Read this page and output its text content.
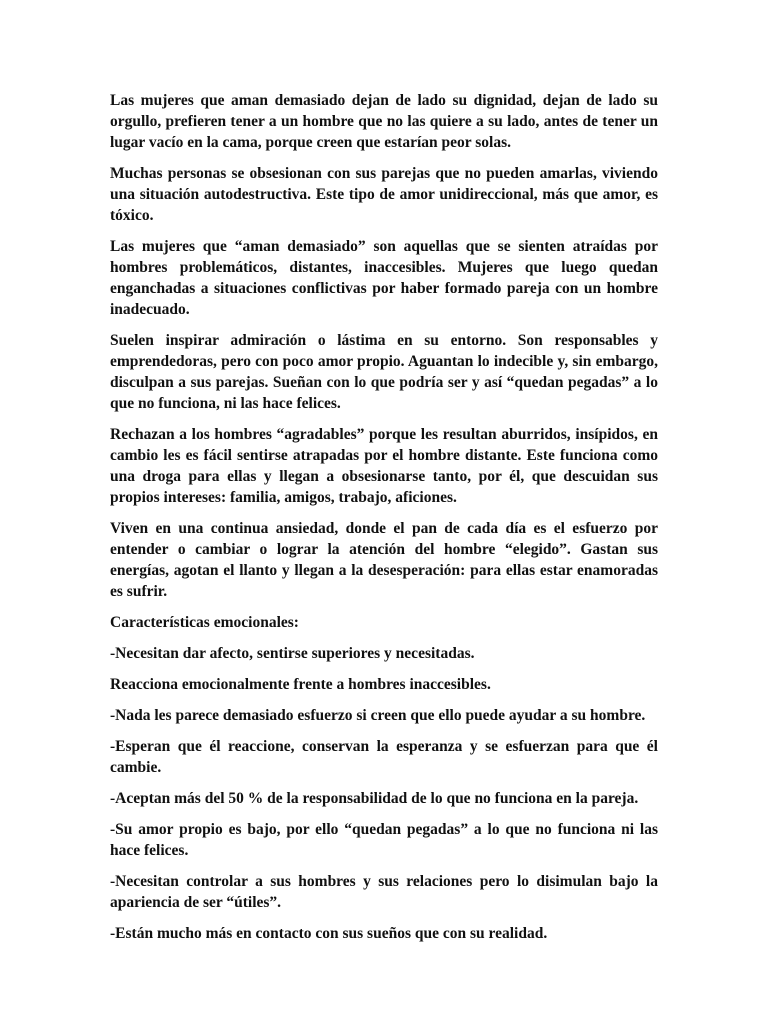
Las mujeres que aman demasiado dejan de lado su dignidad, dejan de lado su orgullo, prefieren tener a un hombre que no las quiere a su lado, antes de tener un lugar vacío en la cama, porque creen que estarían peor solas.

Muchas personas se obsesionan con sus parejas que no pueden amarlas, viviendo una situación autodestructiva. Este tipo de amor unidireccional, más que amor, es tóxico.

Las mujeres que “aman demasiado” son aquellas que se sienten atraídas por hombres problemáticos, distantes, inaccesibles. Mujeres que luego quedan enganchadas a situaciones conflictivas por haber formado pareja con un hombre inadecuado.

Suelen inspirar admiración o lástima en su entorno. Son responsables y emprendedoras, pero con poco amor propio. Aguantan lo indecible y, sin embargo, disculpan a sus parejas. Sueñan con lo que podría ser y así “quedan pegadas” a lo que no funciona, ni las hace felices.

Rechazan a los hombres “agradables” porque les resultan aburridos, insípidos, en cambio les es fácil sentirse atrapadas por el hombre distante. Este funciona como una droga para ellas y llegan a obsesionarse tanto, por él, que descuidan sus propios intereses: familia, amigos, trabajo, aficiones.

Viven en una continua ansiedad, donde el pan de cada día es el esfuerzo por entender o cambiar o lograr la atención del hombre “elegido”. Gastan sus energías, agotan el llanto y llegan a la desesperación: para ellas estar enamoradas es sufrir.

Características emocionales:

-Necesitan dar afecto, sentirse superiores y necesitadas.

Reacciona emocionalmente frente a hombres inaccesibles.

-Nada les parece demasiado esfuerzo si creen que ello puede ayudar a su hombre.

-Esperan que él reaccione, conservan la esperanza y se esfuerzan para que él cambie.

-Aceptan más del 50 % de la responsabilidad de lo que no funciona en la pareja.

-Su amor propio es bajo, por ello “quedan pegadas” a lo que no funciona ni las hace felices.

-Necesitan controlar a sus hombres y sus relaciones pero lo disimulan bajo la apariencia de ser “útiles”.

-Están mucho más en contacto con sus sueños que con su realidad.
